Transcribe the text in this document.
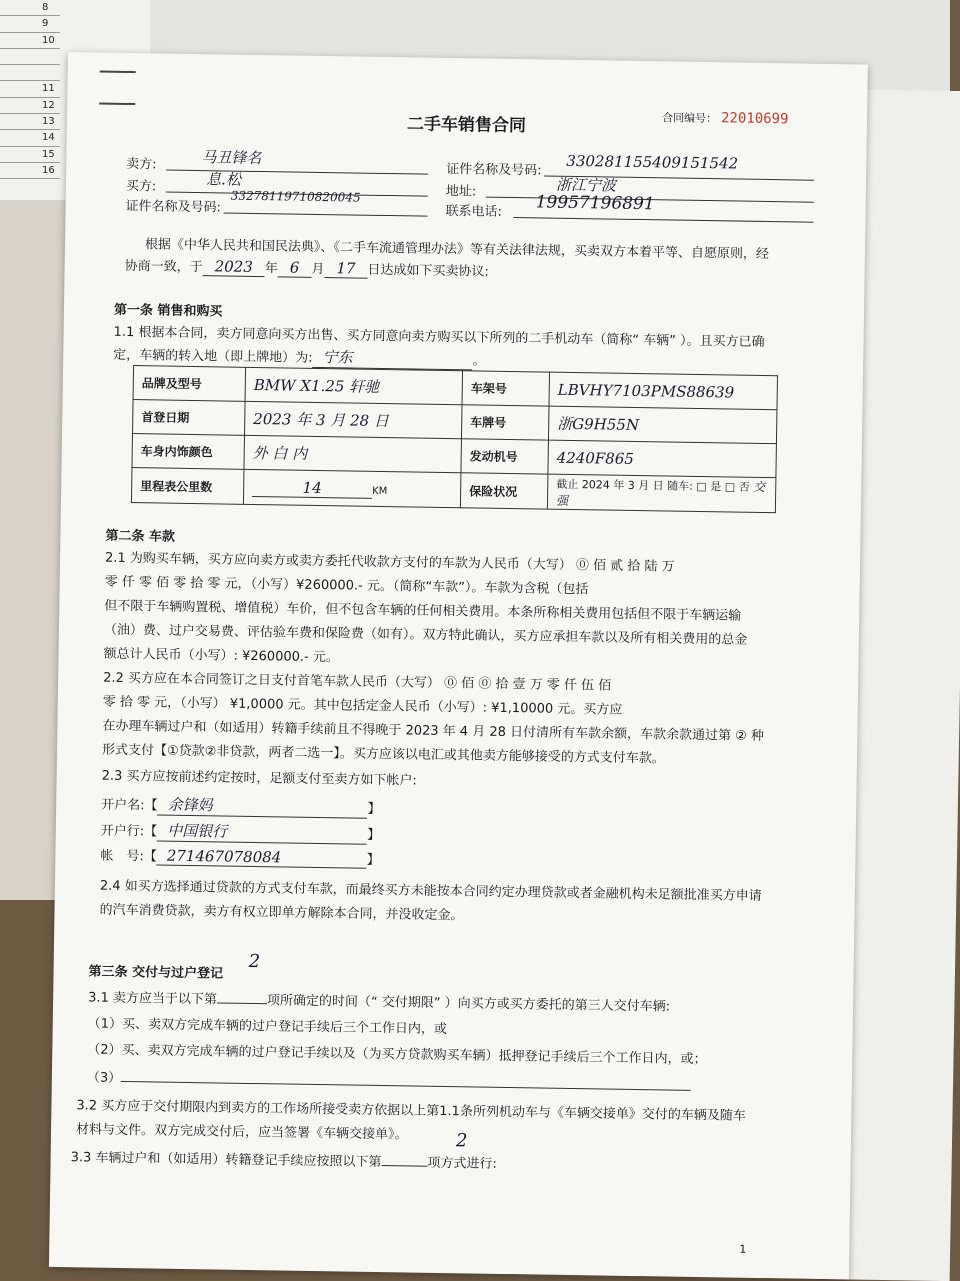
8
9
10
11
12
13
14
15
16
二手车销售合同	合同编号： 22010699
卖方:	马丑锋名
证件名称及号码: 330281155409151542
买方:	息.松
地址:	浙江宁波
证件名称及号码:
33278119710820045
联系电话: 19957196891
根据《中华人民共和国民法典》、《二手车流通管理办法》等有关法律法规，买卖双方本着平等、自愿原则，经
协商一致，于 2023 年 6 月 17 日达成如下买卖协议:
第一条 销售和购买
1.1 根据本合同，卖方同意向买方出售、买方同意向卖方购买以下所列的二手机动车（简称“ 车辆” ）。且买方已确
定，车辆的转入地（即上牌地）为: 宁东	。
品牌及型号	BMW X1.25 轩驰	车架号	LBVHY7103PMS88639
首登日期	2023 年 3 月 28 日	车牌号	浙G9H55N
车身内饰颜色	外 白 内	发动机号	4240F865
里程表公里数	14 KM	保险状况	截止 2024 年 3 月 日 随车: □ 是 □ 否 交强
第二条 车款
2.1 为购买车辆，买方应向卖方或卖方委托代收款方支付的车款为人民币（大写） ⓪ 佰 贰 拾 陆 万
零 仟 零 佰 零 拾 零 元，（小写）¥260000.- 元。（简称“车款”）。车款为含税（包括
但不限于车辆购置税、增值税）车价，但不包含车辆的任何相关费用。本条所称相关费用包括但不限于车辆运输
（油）费、过户交易费、评估验车费和保险费（如有）。双方特此确认，买方应承担车款以及所有相关费用的总金
额总计人民币（小写）: ¥260000.- 元。
2.2 买方应在本合同签订之日支付首笔车款人民币（大写） ⓪ 佰 ⓪ 拾 壹 万 零 仟 伍 佰
零 拾 零 元，（小写） ¥1,0000 元。其中包括定金人民币（小写）: ¥1,10000 元。买方应
在办理车辆过户和（如适用）转籍手续前且不得晚于 2023 年 4 月 28 日付清所有车款余额，车款余款通过第 ② 种
形式支付【①贷款②非贷款，两者二选一】。买方应该以电汇或其他卖方能够接受的方式支付车款。
2.3 买方应按前述约定按时，足额支付至卖方如下帐户:
开户名:【 余锋妈	】
开户行:【 中国银行	】
帐　号:【 271467078084	】
2.4 如买方选择通过贷款的方式支付车款，而最终买方未能按本合同约定办理贷款或者金融机构未足额批准买方申请
的汽车消费贷款，卖方有权立即单方解除本合同，并没收定金。
第三条 交付与过户登记
2
3.1 卖方应当于以下第	项所确定的时间（“ 交付期限” ）向买方或买方委托的第三人交付车辆:
（1）买、卖双方完成车辆的过户登记手续后三个工作日内，或
（2）买、卖双方完成车辆的过户登记手续以及（为买方贷款购买车辆）抵押登记手续后三个工作日内，或；
（3）
3.2 买方应于交付期限内到卖方的工作场所接受卖方依据以上第1.1条所列机动车与《车辆交接单》交付的车辆及随车
材料与文件。双方完成交付后，应当签署《车辆交接单》。	2
3.3 车辆过户和（如适用）转籍登记手续应按照以下第	项方式进行:
1
